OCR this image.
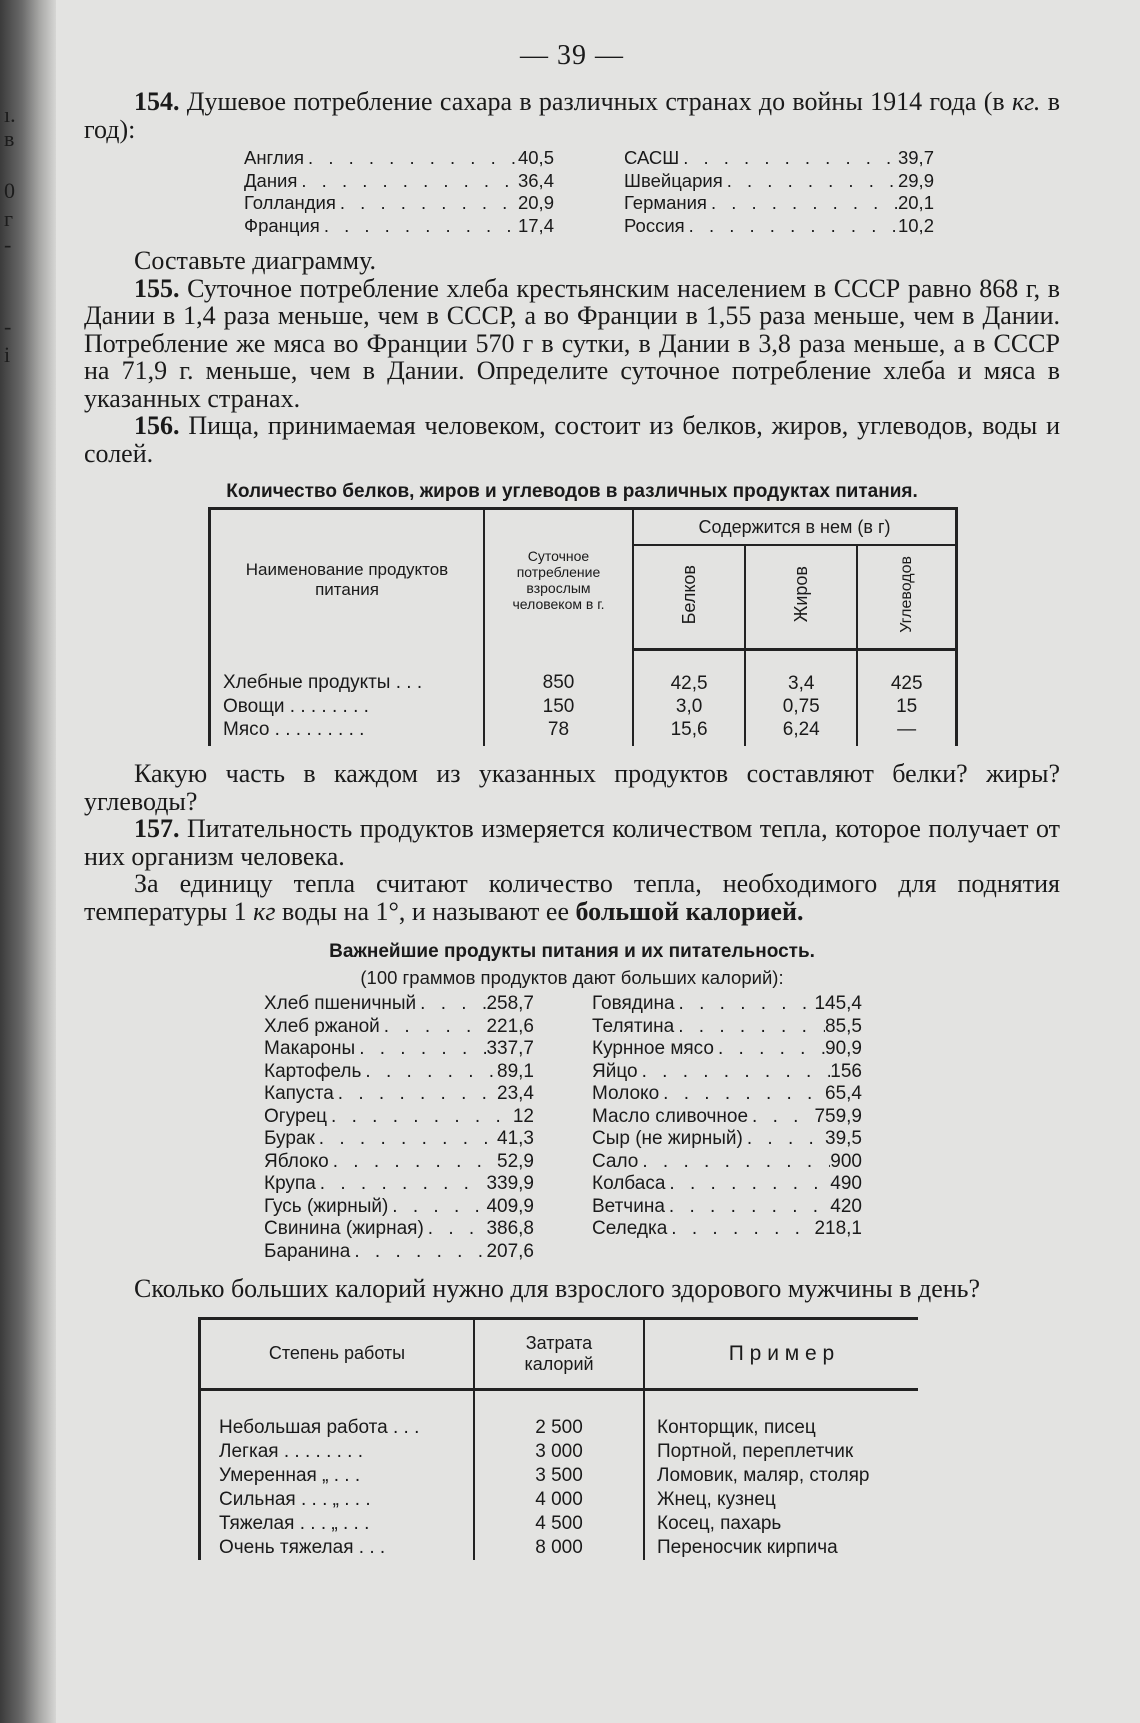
ı.
в
0
г
-
-
i
— 39 —

154. Душевое потребление сахара в различных странах до войны 1914 года (в кг. в год):

Англия . . .	40,5
Дания . . .	36,4
Голландия . . .	20,9
Франция . . .	17,4
САСШ . . .	39,7
Швейцария . . .	29,9
Германия . . .	20,1
Россия . . .	10,2

Составьте диаграмму.

155. Суточное потребление хлеба крестьянским населением в СССР равно 868 г, в Дании в 1,4 раза меньше, чем в СССР, а во Франции в 1,55 раза меньше, чем в Дании. Потребление же мяса во Франции 570 г в сутки, в Дании в 3,8 раза меньше, а в СССР на 71,9 г. меньше, чем в Дании. Определите суточное потребление хлеба и мяса в указанных странах.

156. Пища, принимаемая человеком, состоит из белков, жиров, углеводов, воды и солей.

Количество белков, жиров и углеводов в различных продуктах питания.
Наименование продуктов питания	Суточное потребление взрослым человеком в г.	Содержится в нем (в г)		
		Белков	Жиров	Углеводов
Хлебные продукты . . .	850	42,5	3,4	425
Овощи . . . . . . . .	150	3,0	0,75	15
Мясо . . . . . . . . .	78	15,6	6,24	—

Какую часть в каждом из указанных продуктов составляют белки? жиры? углеводы?

157. Питательность продуктов измеряется количеством тепла, которое получает от них организм человека.

За единицу тепла считают количество тепла, необходимого для поднятия температуры 1 кг воды на 1°, и называют ее большой калорией.

Важнейшие продукты питания и их питательность.
(100 граммов продуктов дают больших калорий):
Хлеб пшеничный . . .	258,7
Хлеб ржаной . . .	221,6
Макароны . . .	337,7
Картофель . . .	89,1
Капуста . . .	23,4
Огурец . . .	12
Бурак . . .	41,3
Яблоко . . .	52,9
Крупа . . .	339,9
Гусь (жирный) . . .	409,9
Свинина (жирная) . . .	386,8
Баранина . . .	207,6
Говядина . . .	145,4
Телятина . . .	85,5
Курнное мясо . . .	90,9
Яйцо . . .	156
Молоко . . .	65,4
Масло сливочное . . .	759,9
Сыр (не жирный) . . .	39,5
Сало . . .	900
Колбаса . . .	490
Ветчина . . .	420
Селедка . . .	218,1

Сколько больших калорий нужно для взрослого здорового мужчины в день?

Степень работы	Затрата калорий	П р и м е р
Небольшая работа . . .	2 500	Конторщик, писец
Легкая . . . . . . . .	3 000	Портной, переплетчик
Умеренная „ . . .	3 500	Ломовик, маляр, столяр
Сильная . . . „ . . .	4 000	Жнец, кузнец
Тяжелая . . . „ . . .	4 500	Косец, пахарь
Очень тяжелая . . .	8 000	Переносчик кирпича
